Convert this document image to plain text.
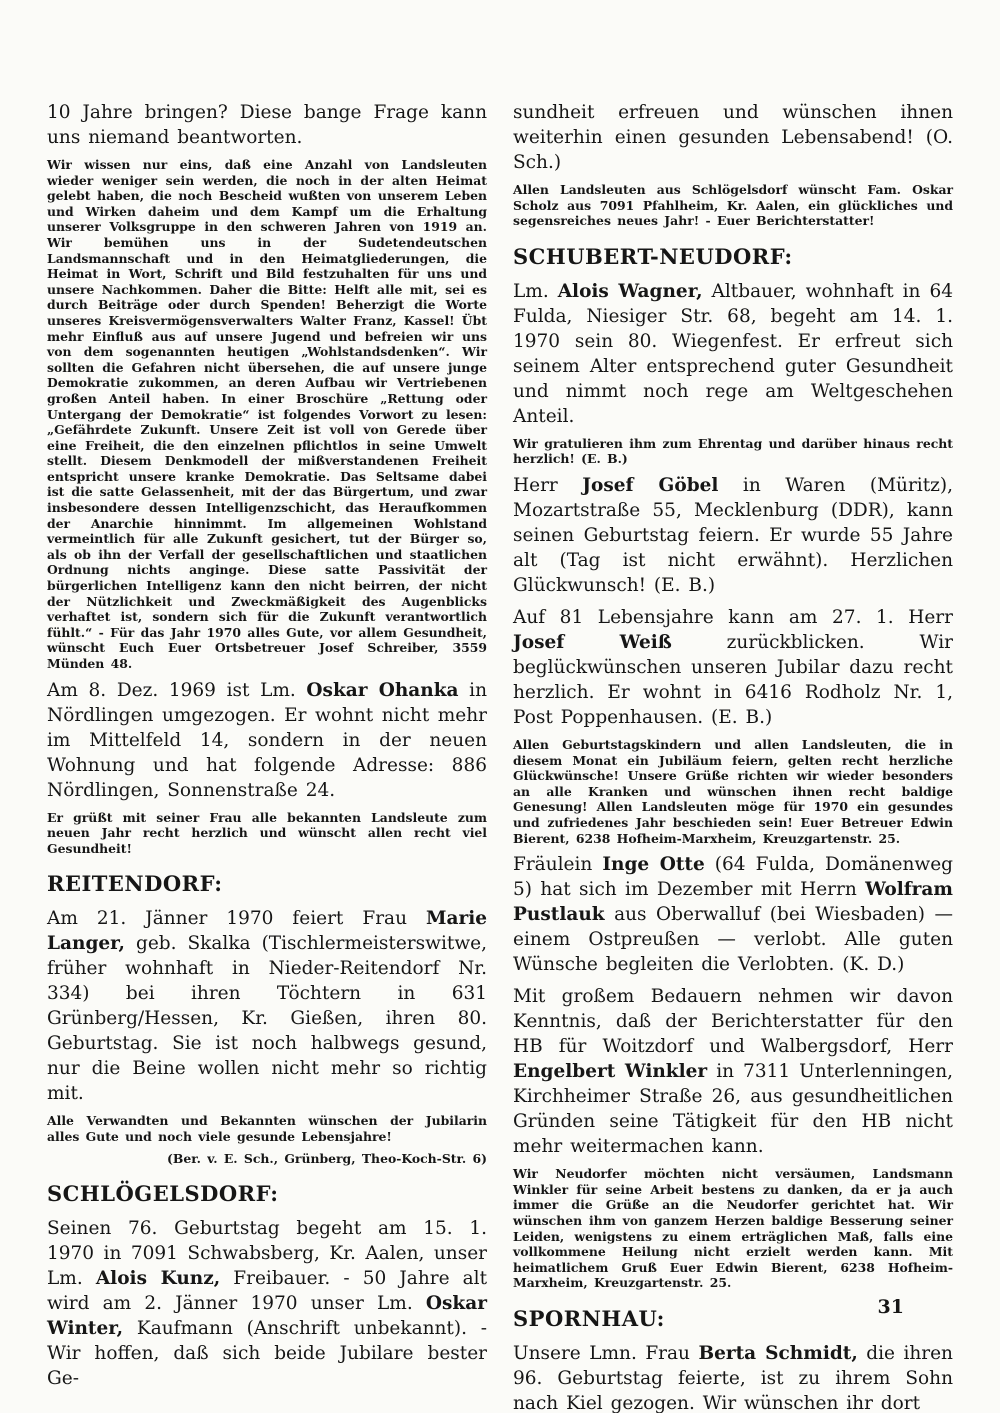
10 Jahre bringen? Diese bange Frage kann uns niemand beantworten.

Wir wissen nur eins, daß eine Anzahl von Landsleuten wieder weniger sein werden, die noch in der alten Heimat gelebt haben, die noch Bescheid wußten von unserem Leben und Wirken daheim und dem Kampf um die Erhaltung unserer Volksgruppe in den schweren Jahren von 1919 an. Wir bemühen uns in der Sudetendeutschen Landsmannschaft und in den Heimatgliederungen, die Heimat in Wort, Schrift und Bild festzuhalten für uns und unsere Nachkommen. Daher die Bitte: Helft alle mit, sei es durch Beiträge oder durch Spenden! Beherzigt die Worte unseres Kreisvermögensverwalters Walter Franz, Kassel! Übt mehr Einfluß aus auf unsere Jugend und befreien wir uns von dem sogenannten heutigen „Wohlstandsdenken“. Wir sollten die Gefahren nicht übersehen, die auf unsere junge Demokratie zukommen, an deren Aufbau wir Vertriebenen großen Anteil haben. In einer Broschüre „Rettung oder Untergang der Demokratie“ ist folgendes Vorwort zu lesen: „Gefährdete Zukunft. Unsere Zeit ist voll von Gerede über eine Freiheit, die den einzelnen pflichtlos in seine Umwelt stellt. Diesem Denkmodell der mißverstandenen Freiheit entspricht unsere kranke Demokratie. Das Seltsame dabei ist die satte Gelassenheit, mit der das Bürgertum, und zwar insbesondere dessen Intelligenzschicht, das Heraufkommen der Anarchie hinnimmt. Im allgemeinen Wohlstand vermeintlich für alle Zukunft gesichert, tut der Bürger so, als ob ihn der Verfall der gesellschaftlichen und staatlichen Ordnung nichts anginge. Diese satte Passivität der bürgerlichen Intelligenz kann den nicht beirren, der nicht der Nützlichkeit und Zweckmäßigkeit des Augenblicks verhaftet ist, sondern sich für die Zukunft verantwortlich fühlt.“ - Für das Jahr 1970 alles Gute, vor allem Gesundheit, wünscht Euch Euer Ortsbetreuer Josef Schreiber, 3559 Münden 48.

Am 8. Dez. 1969 ist Lm. Oskar Ohanka in Nördlingen umgezogen. Er wohnt nicht mehr im Mittelfeld 14, sondern in der neuen Wohnung und hat folgende Adresse: 886 Nördlingen, Sonnenstraße 24.

Er grüßt mit seiner Frau alle bekannten Landsleute zum neuen Jahr recht herzlich und wünscht allen recht viel Gesundheit!

REITENDORF:

Am 21. Jänner 1970 feiert Frau Marie Langer, geb. Skalka (Tischlermeisterswitwe, früher wohnhaft in Nieder-Reitendorf Nr. 334) bei ihren Töchtern in 631 Grünberg/Hessen, Kr. Gießen, ihren 80. Geburtstag. Sie ist noch halbwegs gesund, nur die Beine wollen nicht mehr so richtig mit.

Alle Verwandten und Bekannten wünschen der Jubilarin alles Gute und noch viele gesunde Lebensjahre!

(Ber. v. E. Sch., Grünberg, Theo-Koch-Str. 6)

SCHLÖGELSDORF:

Seinen 76. Geburtstag begeht am 15. 1. 1970 in 7091 Schwabsberg, Kr. Aalen, unser Lm. Alois Kunz, Freibauer. - 50 Jahre alt wird am 2. Jänner 1970 unser Lm. Oskar Winter, Kaufmann (Anschrift unbekannt). - Wir hoffen, daß sich beide Jubilare bester Ge-

sundheit erfreuen und wünschen ihnen weiterhin einen gesunden Lebensabend! (O. Sch.)

Allen Landsleuten aus Schlögelsdorf wünscht Fam. Oskar Scholz aus 7091 Pfahlheim, Kr. Aalen, ein glückliches und segensreiches neues Jahr! - Euer Berichterstatter!

SCHUBERT-NEUDORF:

Lm. Alois Wagner, Altbauer, wohnhaft in 64 Fulda, Niesiger Str. 68, begeht am 14. 1. 1970 sein 80. Wiegenfest. Er erfreut sich seinem Alter entsprechend guter Gesundheit und nimmt noch rege am Weltgeschehen Anteil.

Wir gratulieren ihm zum Ehrentag und darüber hinaus recht herzlich! (E. B.)

Herr Josef Göbel in Waren (Müritz), Mozartstraße 55, Mecklenburg (DDR), kann seinen Geburtstag feiern. Er wurde 55 Jahre alt (Tag ist nicht erwähnt). Herzlichen Glückwunsch! (E. B.)

Auf 81 Lebensjahre kann am 27. 1. Herr Josef Weiß zurückblicken. Wir beglückwünschen unseren Jubilar dazu recht herzlich. Er wohnt in 6416 Rodholz Nr. 1, Post Poppenhausen. (E. B.)

Allen Geburtstagskindern und allen Landsleuten, die in diesem Monat ein Jubiläum feiern, gelten recht herzliche Glückwünsche! Unsere Grüße richten wir wieder besonders an alle Kranken und wünschen ihnen recht baldige Genesung! Allen Landsleuten möge für 1970 ein gesundes und zufriedenes Jahr beschieden sein! Euer Betreuer Edwin Bierent, 6238 Hofheim-Marxheim, Kreuzgartenstr. 25.

Fräulein Inge Otte (64 Fulda, Domänenweg 5) hat sich im Dezember mit Herrn Wolfram Pustlauk aus Oberwalluf (bei Wiesbaden) — einem Ostpreußen — verlobt. Alle guten Wünsche begleiten die Verlobten. (K. D.)

Mit großem Bedauern nehmen wir davon Kenntnis, daß der Berichterstatter für den HB für Woitzdorf und Walbergsdorf, Herr Engelbert Winkler in 7311 Unterlenningen, Kirchheimer Straße 26, aus gesundheitlichen Gründen seine Tätigkeit für den HB nicht mehr weitermachen kann.

Wir Neudorfer möchten nicht versäumen, Landsmann Winkler für seine Arbeit bestens zu danken, da er ja auch immer die Grüße an die Neudorfer gerichtet hat. Wir wünschen ihm von ganzem Herzen baldige Besserung seiner Leiden, wenigstens zu einem erträglichen Maß, falls eine vollkommene Heilung nicht erzielt werden kann. Mit heimatlichem Gruß Euer Edwin Bierent, 6238 Hofheim-Marxheim, Kreuzgartenstr. 25.

SPORNHAU:

Unsere Lmn. Frau Berta Schmidt, die ihren 96. Geburtstag feierte, ist zu ihrem Sohn nach Kiel gezogen. Wir wünschen ihr dort

31
